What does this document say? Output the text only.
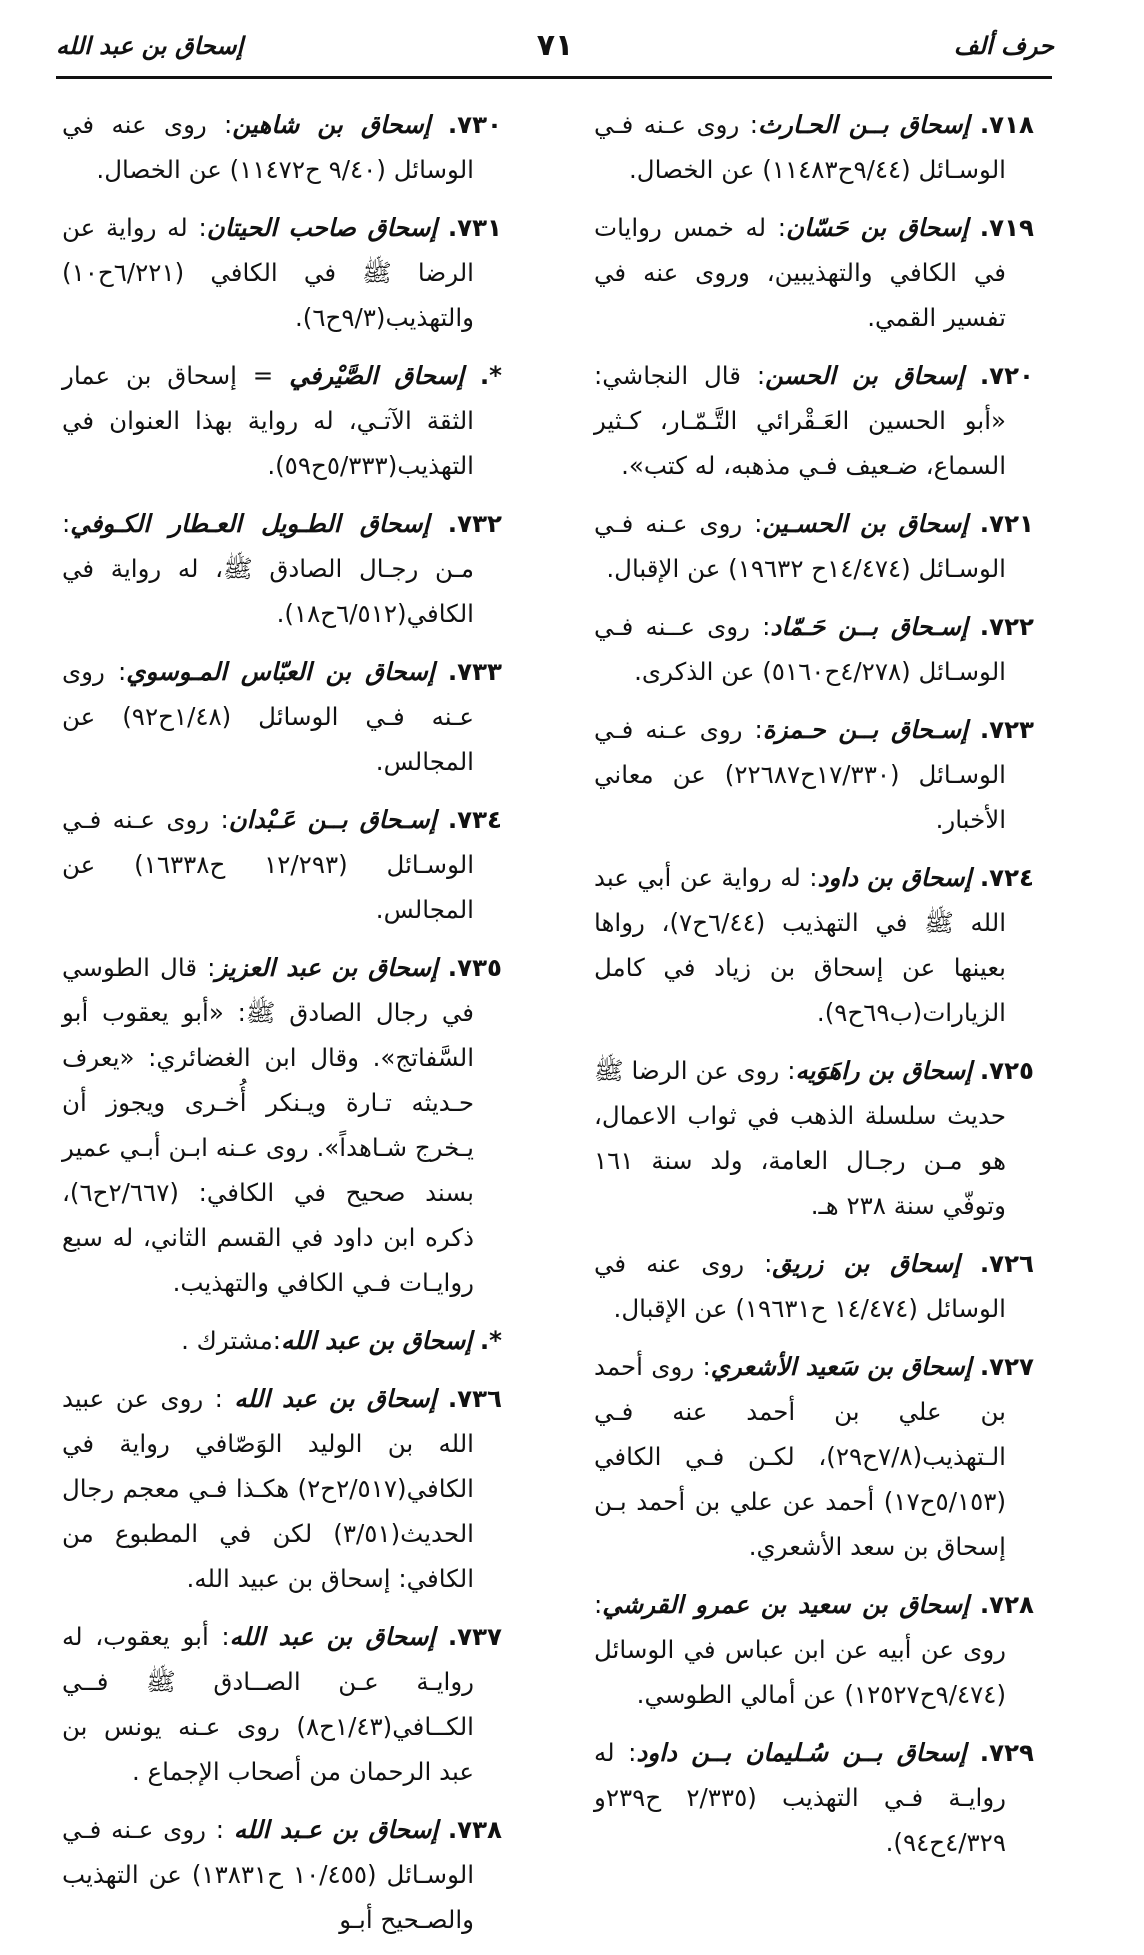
حرف ألف
٧١
إسحاق بن عبد الله

٧١٨. إسحاق بــن الحـارث: روى عـنه فـي الوسـائل (٩/٤٤ح١١٤٨٣) عن الخصال.

٧١٩. إسحاق بن حَسّان: له خمس روايات في الكافي والتهذيبين، وروى عنه في تفسير القمي.

٧٢٠. إسحاق بن الحسن: قال النجاشي: «أبو الحسين العَـقْرائي التَّـمّـار، كـثير السماع، ضـعيف فـي مذهبه، له كتب».

٧٢١. إسحاق بن الحسـين: روى عـنه فـي الوسـائل (١٤/٤٧٤ح ١٩٦٣٢) عن الإقبال.

٧٢٢. إسـحاق بــن حَـمّاد: روى عــنه فـي الوسـائل (٤/٢٧٨ح٥١٦٠) عن الذكرى.

٧٢٣. إسـحاق بــن حـمزة: روى عـنه فـي الوسـائل (١٧/٣٣٠ح٢٢٦٨٧) عن معاني الأخبار.

٧٢٤. إسحاق بن داود: له رواية عن أبي عبد الله ﷺ في التهذيب (٦/٤٤ح٧)، رواها بعينها عن إسحاق بن زياد في كامل الزيارات(ب٦٩ح٩).

٧٢٥. إسحاق بن راهَوَيه: روى عن الرضا ﷺ حديث سلسلة الذهب في ثواب الاعمال، هو مـن رجـال العامة، ولد سنة ١٦١ وتوفّي سنة ٢٣٨ هـ.

٧٢٦. إسحاق بن زريق: روى عنه في الوسائل (١٤/٤٧٤ ح١٩٦٣١) عن الإقبال.

٧٢٧. إسحاق بن سَعيد الأشعري: روى أحمد بن علي بن أحمد عنه فـي الـتهذيب(٧/٨ح٢٩)، لكـن فـي الكافي (٥/١٥٣ح١٧) أحمد عن علي بن أحمد بـن إسحاق بن سعد الأشعري.

٧٢٨. إسحاق بن سعيد بن عمرو القرشي: روى عن أبيه عن ابن عباس في الوسائل (٩/٤٧٤ح١٢٥٢٧) عن أمالي الطوسي.

٧٢٩. إسحاق بــن سُـليمان بــن داود: له روايـة فـي التهذيب (٢/٣٣٥ ح٢٣٩و ٤/٣٢٩ح٩٤).

٧٣٠. إسحاق بن شاهين: روى عنه في الوسائل (٩/٤٠ ح١١٤٧٢) عن الخصال.

٧٣١. إسحاق صاحب الحيتان: له رواية عن الرضا ﷺ في الكافي (٦/٢٢١ح١٠) والتهذيب(٩/٣ح٦).

*. إسحاق الصَّيْرفي = إسحاق بن عمار الثقة الآتـي، له رواية بهذا العنوان في التهذيب(٥/٣٣٣ح٥٩).

٧٣٢. إسحاق الطـويل العـطار الكـوفي: مـن رجـال الصادق ﷺ، له رواية في الكافي(٦/٥١٢ح١٨).

٧٣٣. إسحاق بن العبّاس المـوسوي: روى عـنه فـي الوسائل (١/٤٨ح٩٢) عن المجالس.

٧٣٤. إسـحاق بــن عَـبْدان: روى عـنه فـي الوسـائل (١٢/٢٩٣ ح١٦٣٣٨) عن المجالس.

٧٣٥. إسحاق بن عبد العزيز: قال الطوسي في رجال الصادق ﷺ: «أبو يعقوب أبو السَّفاتج». وقال ابن الغضائري: «يعرف حـديثه تـارة ويـنكر أُخـرى ويجوز أن يـخرج شـاهداً». روى عـنه ابـن أبـي عمير بسند صحيح في الكافي: (٢/٦٦٧ح٦)، ذكره ابن داود في القسم الثاني، له سبع روايـات فـي الكافي والتهذيب.

*. إسحاق بن عبد الله:مشترك .

٧٣٦. إسحاق بن عبد الله : روى عن عبيد الله بن الوليد الوَصّافي رواية في الكافي(٢/٥١٧ح٢) هكـذا فـي معجم رجال الحديث(٣/٥١) لكن في المطبوع من الكافي: إسحاق بن عبيد الله.

٧٣٧. إسحاق بن عبد الله: أبو يعقوب، له روايـة عـن الصــادق ﷺ فــي الكــافي(١/٤٣ح٨) روى عـنه يونس بن عبد الرحمان من أصحاب الإجماع .

٧٣٨. إسحاق بن عـبد الله : روى عـنه فـي الوسـائل (١٠/٤٥٥ ح١٣٨٣١) عن التهذيب والصـحيح أبـو
